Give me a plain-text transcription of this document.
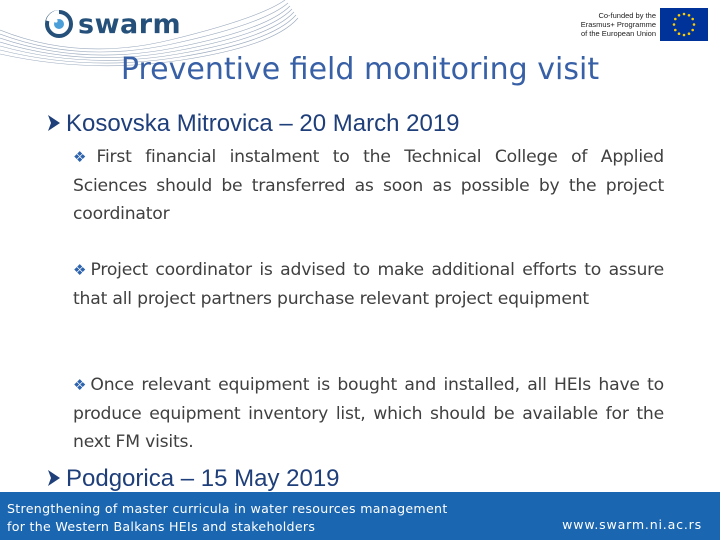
swarm	Co-funded by the
Erasmus+ Programme
of the European Union
Preventive field monitoring visit
Kosovska Mitrovica – 20 March 2019
❖ First financial instalment to the Technical College of Applied Sciences should be transferred as soon as possible by the project coordinator
❖ Project coordinator is advised to make additional efforts to assure that all project partners purchase relevant project equipment
❖ Once relevant equipment is bought and installed, all HEIs have to produce equipment inventory list, which should be available for the next FM visits.
Podgorica – 15 May 2019
Strengthening of master curricula in water resources management
for the Western Balkans HEIs and stakeholders	www.swarm.ni.ac.rs
